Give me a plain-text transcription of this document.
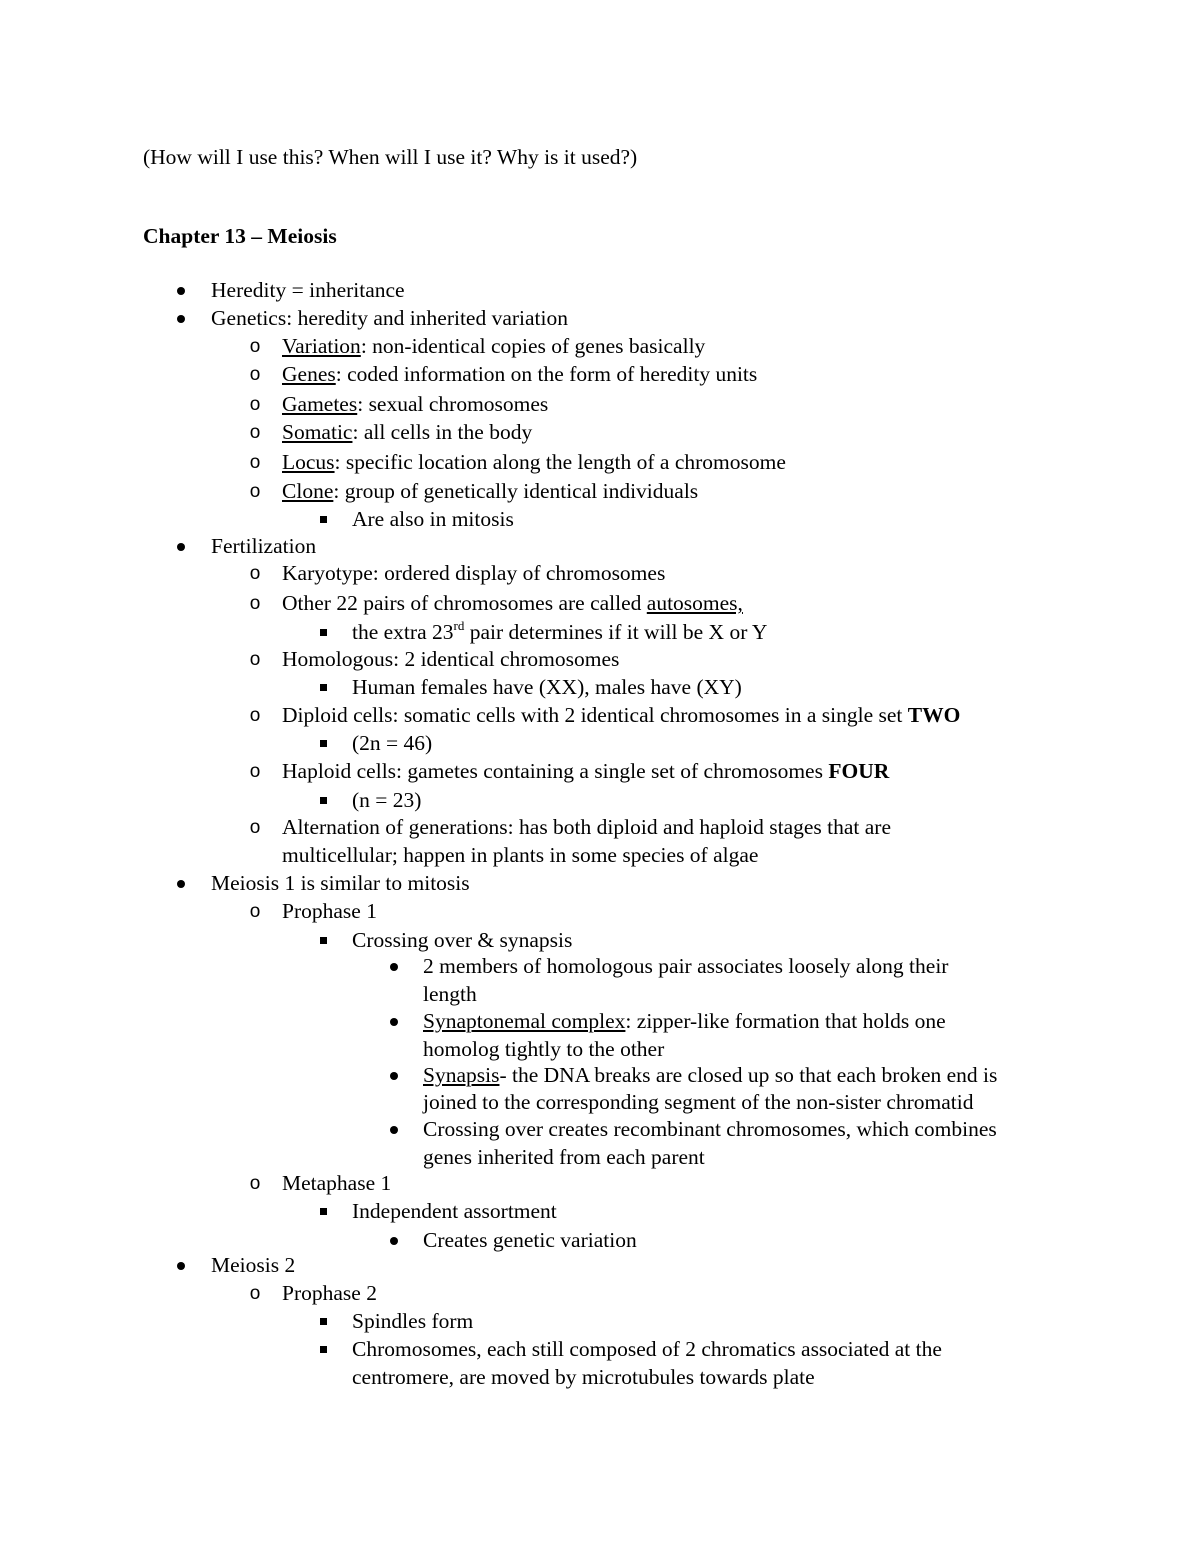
(How will I use this? When will I use it? Why is it used?)
Chapter 13 – Meiosis
Heredity = inheritance
Genetics: heredity and inherited variation
o Variation: non-identical copies of genes basically
o Genes: coded information on the form of heredity units
o Gametes: sexual chromosomes
o Somatic: all cells in the body
o Locus: specific location along the length of a chromosome
o Clone: group of genetically identical individuals
Are also in mitosis
Fertilization
o Karyotype: ordered display of chromosomes
o Other 22 pairs of chromosomes are called autosomes,
the extra 23rd pair determines if it will be X or Y
o Homologous: 2 identical chromosomes
Human females have (XX), males have (XY)
o Diploid cells: somatic cells with 2 identical chromosomes in a single set TWO
(2n = 46)
o Haploid cells: gametes containing a single set of chromosomes FOUR
(n = 23)
o Alternation of generations: has both diploid and haploid stages that are
multicellular; happen in plants in some species of algae
Meiosis 1 is similar to mitosis
o Prophase 1
Crossing over & synapsis
2 members of homologous pair associates loosely along their
length
Synaptonemal complex: zipper-like formation that holds one
homolog tightly to the other
Synapsis- the DNA breaks are closed up so that each broken end is
joined to the corresponding segment of the non-sister chromatid
Crossing over creates recombinant chromosomes, which combines
genes inherited from each parent
o Metaphase 1
Independent assortment
Creates genetic variation
Meiosis 2
o Prophase 2
Spindles form
Chromosomes, each still composed of 2 chromatics associated at the
centromere, are moved by microtubules towards plate
